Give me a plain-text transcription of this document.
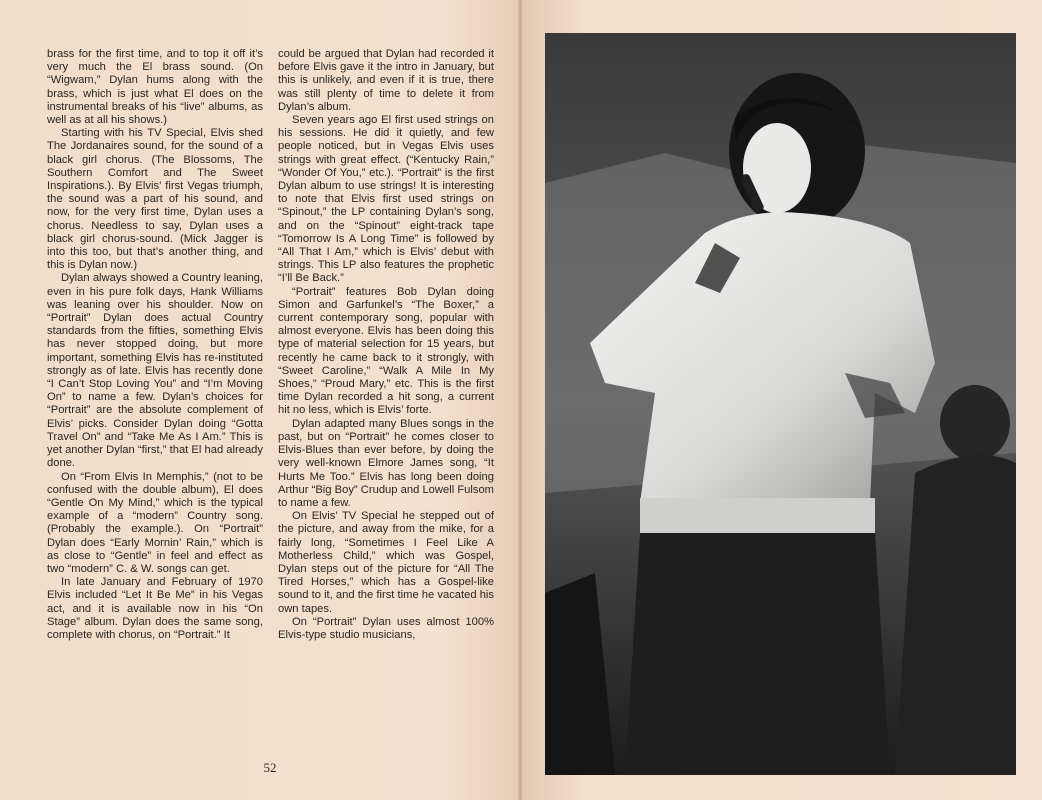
brass for the first time, and to top it off it’s very much the El brass sound. (On “Wigwam,” Dylan hums along with the brass, which is just what El does on the instrumental breaks of his “live” albums, as well as at all his shows.)

Starting with his TV Special, Elvis shed The Jordanaires sound, for the sound of a black girl chorus. (The Blossoms, The Southern Comfort and The Sweet Inspirations.). By Elvis’ first Vegas triumph, the sound was a part of his sound, and now, for the very first time, Dylan uses a chorus. Needless to say, Dylan uses a black girl chorus-sound. (Mick Jagger is into this too, but that’s another thing, and this is Dylan now.)

Dylan always showed a Country leaning, even in his pure folk days, Hank Williams was leaning over his shoulder. Now on “Portrait” Dylan does actual Country standards from the fifties, something Elvis has never stopped doing, but more important, something Elvis has re-instituted strongly as of late. Elvis has recently done “I Can’t Stop Loving You” and “I’m Moving On” to name a few. Dylan’s choices for “Portrait” are the absolute complement of Elvis’ picks. Consider Dylan doing “Gotta Travel On” and “Take Me As I Am.” This is yet another Dylan “first,” that El had already done.

On “From Elvis In Memphis,” (not to be confused with the double album), El does “Gentle On My Mind,” which is the typical example of a “modern” Country song. (Probably the example.). On “Portrait” Dylan does “Early Mornin’ Rain,” which is as close to “Gentle” in feel and effect as two “modern” C. & W. songs can get.

In late January and February of 1970 Elvis included “Let It Be Me” in his Vegas act, and it is available now in his “On Stage” album. Dylan does the same song, complete with chorus, on “Portrait.” It

could be argued that Dylan had recorded it before Elvis gave it the intro in January, but this is unlikely, and even if it is true, there was still plenty of time to delete it from Dylan’s album.

Seven years ago El first used strings on his sessions. He did it quietly, and few people noticed, but in Vegas Elvis uses strings with great effect. (“Kentucky Rain,” “Wonder Of You,” etc.). “Portrait” is the first Dylan album to use strings! It is interesting to note that Elvis first used strings on “Spinout,” the LP containing Dylan’s song, and on the “Spinout” eight-track tape “Tomorrow Is A Long Time” is followed by “All That I Am,” which is Elvis’ debut with strings. This LP also features the prophetic “I’ll Be Back.”

“Portrait” features Bob Dylan doing Simon and Garfunkel’s “The Boxer,” a current contemporary song, popular with almost everyone. Elvis has been doing this type of material selection for 15 years, but recently he came back to it strongly, with “Sweet Caroline,” “Walk A Mile In My Shoes,” “Proud Mary,” etc. This is the first time Dylan recorded a hit song, a current hit no less, which is Elvis’ forte.

Dylan adapted many Blues songs in the past, but on “Portrait” he comes closer to Elvis-Blues than ever before, by doing the very well-known Elmore James song, “It Hurts Me Too.” Elvis has long been doing Arthur “Big Boy” Crudup and Lowell Fulsom to name a few.

On Elvis’ TV Special he stepped out of the picture, and away from the mike, for a fairly long, “Sometimes I Feel Like A Motherless Child,” which was Gospel, Dylan steps out of the picture for “All The Tired Horses,” which has a Gospel-like sound to it, and the first time he vacated his own tapes.

On “Portrait” Dylan uses almost 100% Elvis-type studio musicians,

52
